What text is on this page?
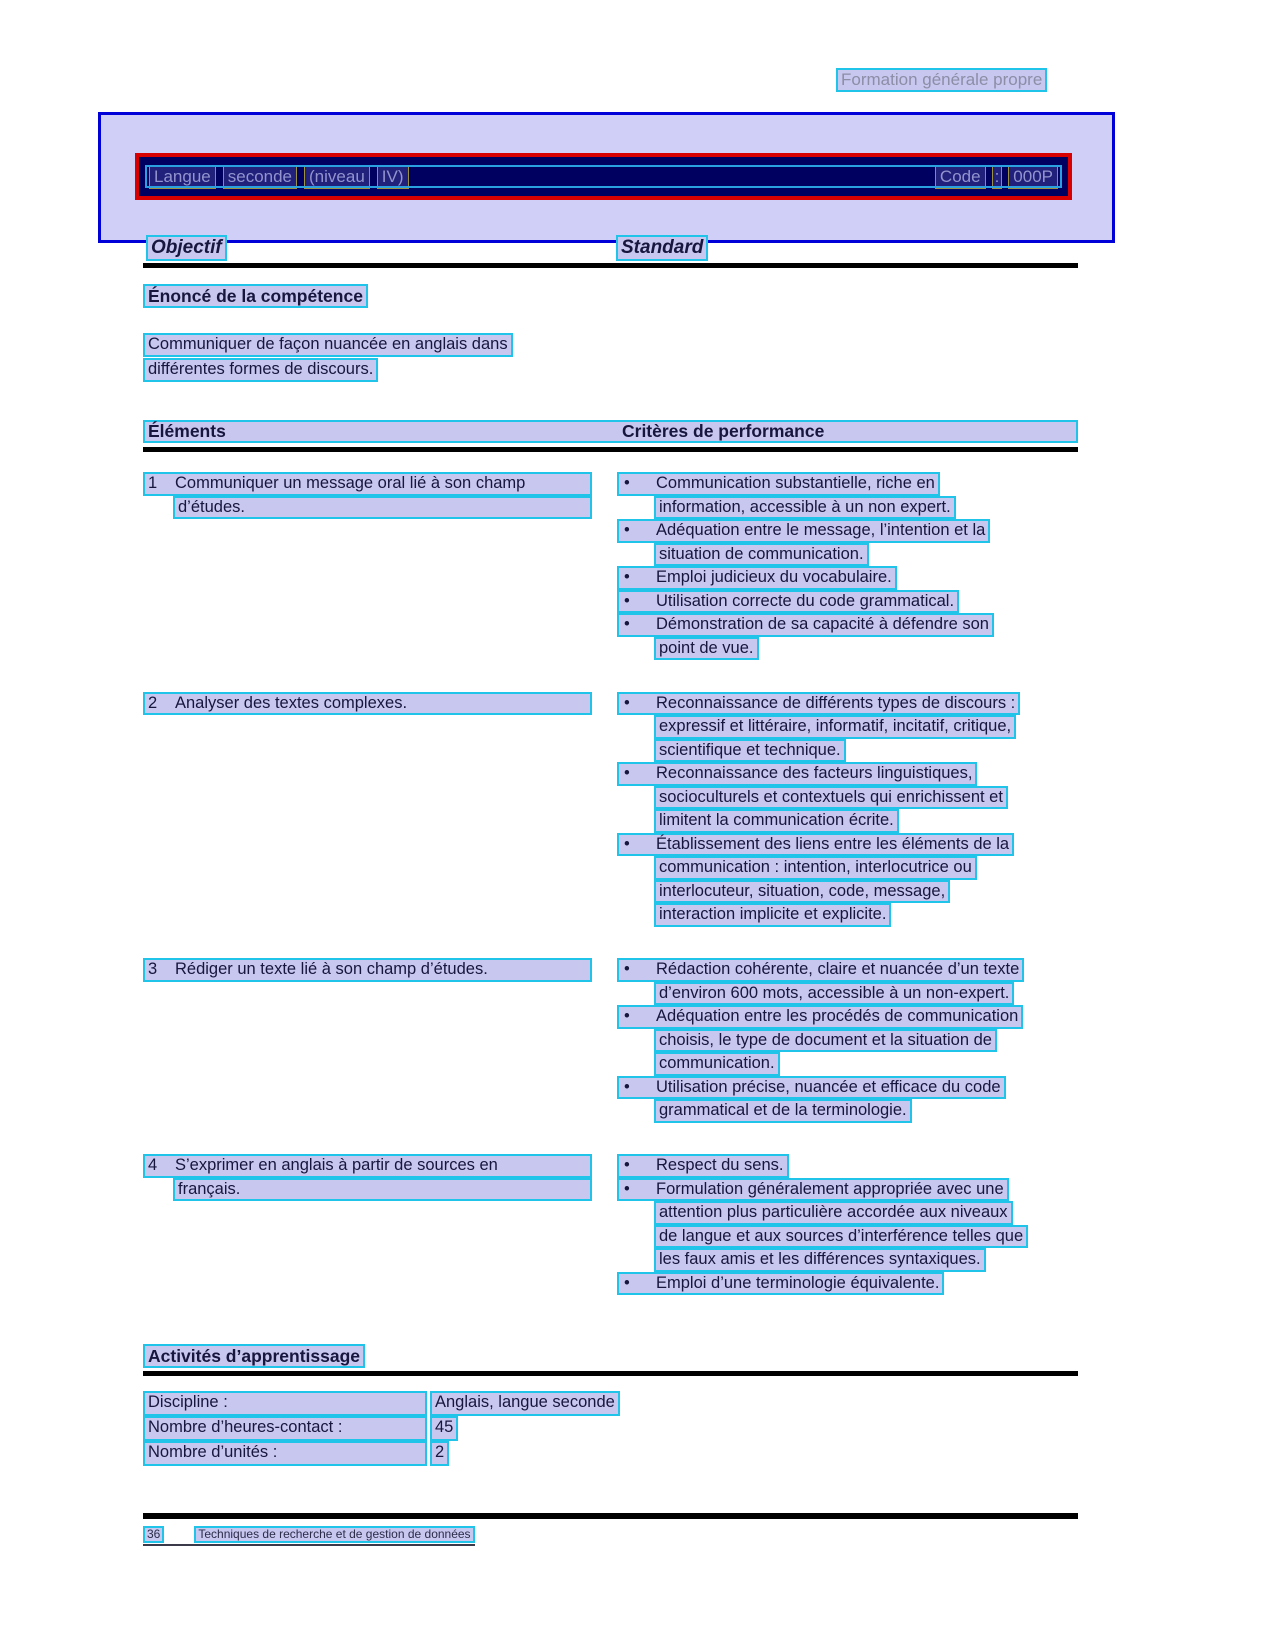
Formation générale propre
Langue seconde (niveau IV)	Code : 000P
Objectif	Standard
Énoncé de la compétence
Communiquer de façon nuancée en anglais dans
différentes formes de discours.
Éléments	Critères de performance
1 Communiquer un message oral lié à son champ
d’études.
• Communication substantielle, riche en
information, accessible à un non expert.
• Adéquation entre le message, l’intention et la
situation de communication.
• Emploi judicieux du vocabulaire.
• Utilisation correcte du code grammatical.
• Démonstration de sa capacité à défendre son
point de vue.
2 Analyser des textes complexes.	• Reconnaissance de différents types de discours :
expressif et littéraire, informatif, incitatif, critique,
scientifique et technique.
• Reconnaissance des facteurs linguistiques,
socioculturels et contextuels qui enrichissent et
limitent la communication écrite.
• Établissement des liens entre les éléments de la
communication : intention, interlocutrice ou
interlocuteur, situation, code, message,
interaction implicite et explicite.
3 Rédiger un texte lié à son champ d’études.	• Rédaction cohérente, claire et nuancée d’un texte
d’environ 600 mots, accessible à un non-expert.
• Adéquation entre les procédés de communication
choisis, le type de document et la situation de
communication.
• Utilisation précise, nuancée et efficace du code
grammatical et de la terminologie.
4 S’exprimer en anglais à partir de sources en
français.
• Respect du sens.
• Formulation généralement appropriée avec une
attention plus particulière accordée aux niveaux
de langue et aux sources d’interférence telles que
les faux amis et les différences syntaxiques.
• Emploi d’une terminologie équivalente.
Activités d’apprentissage
Discipline :	Anglais, langue seconde
Nombre d’heures-contact :	45
Nombre d’unités :	2
36	Techniques de recherche et de gestion de données
